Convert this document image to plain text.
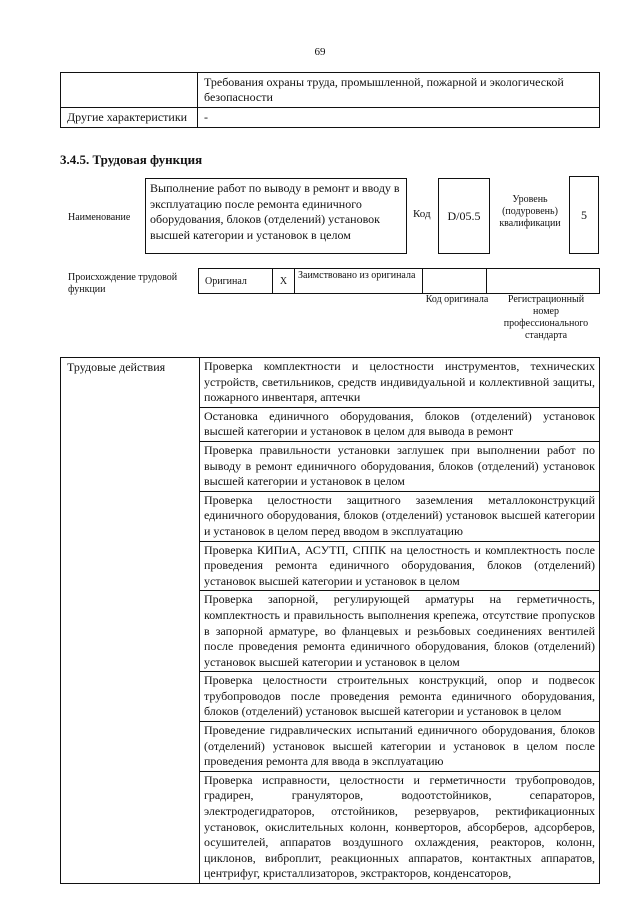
69
	Требования охраны труда, промышленной, пожарной и экологической безопасности
Другие характеристики	-
3.4.5. Трудовая функция
Наименование
Выполнение работ по выводу в ремонт и вводу в эксплуатацию после ремонта единичного оборудования, блоков (отделений) установок высшей категории и установок в целом
Код	D/05.5
Уровень (подуровень) квалификации
5
Происхождение трудовой функции
Оригинал	X	Заимствовано из оригинала
Код оригинала	Регистрационный номер профессионального стандарта
Трудовые действия	Проверка комплектности и целостности инструментов, технических устройств, светильников, средств индивидуальной и коллективной защиты, пожарного инвентаря, аптечки
Остановка единичного оборудования, блоков (отделений) установок высшей категории и установок в целом для вывода в ремонт
Проверка правильности установки заглушек при выполнении работ по выводу в ремонт единичного оборудования, блоков (отделений) установок высшей категории и установок в целом
Проверка целостности защитного заземления металлоконструкций единичного оборудования, блоков (отделений) установок высшей категории и установок в целом перед вводом в эксплуатацию
Проверка КИПиА, АСУТП, СППК на целостность и комплектность после проведения ремонта единичного оборудования, блоков (отделений) установок высшей категории и установок в целом
Проверка запорной, регулирующей арматуры на герметичность, комплектность и правильность выполнения крепежа, отсутствие пропусков в запорной арматуре, во фланцевых и резьбовых соединениях вентилей после проведения ремонта единичного оборудования, блоков (отделений) установок высшей категории и установок в целом
Проверка целостности строительных конструкций, опор и подвесок трубопроводов после проведения ремонта единичного оборудования, блоков (отделений) установок высшей категории и установок в целом
Проведение гидравлических испытаний единичного оборудования, блоков (отделений) установок высшей категории и установок в целом после проведения ремонта для ввода в эксплуатацию
Проверка исправности, целостности и герметичности трубопроводов, градирен, грануляторов, водоотстойников, сепараторов, электродегидраторов, отстойников, резервуаров, ректификационных установок, окислительных колонн, конверторов, абсорберов, адсорберов, осушителей, аппаратов воздушного охлаждения, реакторов, колонн, циклонов, виброплит, реакционных аппаратов, контактных аппаратов, центрифуг, кристаллизаторов, экстракторов, конденсаторов,
